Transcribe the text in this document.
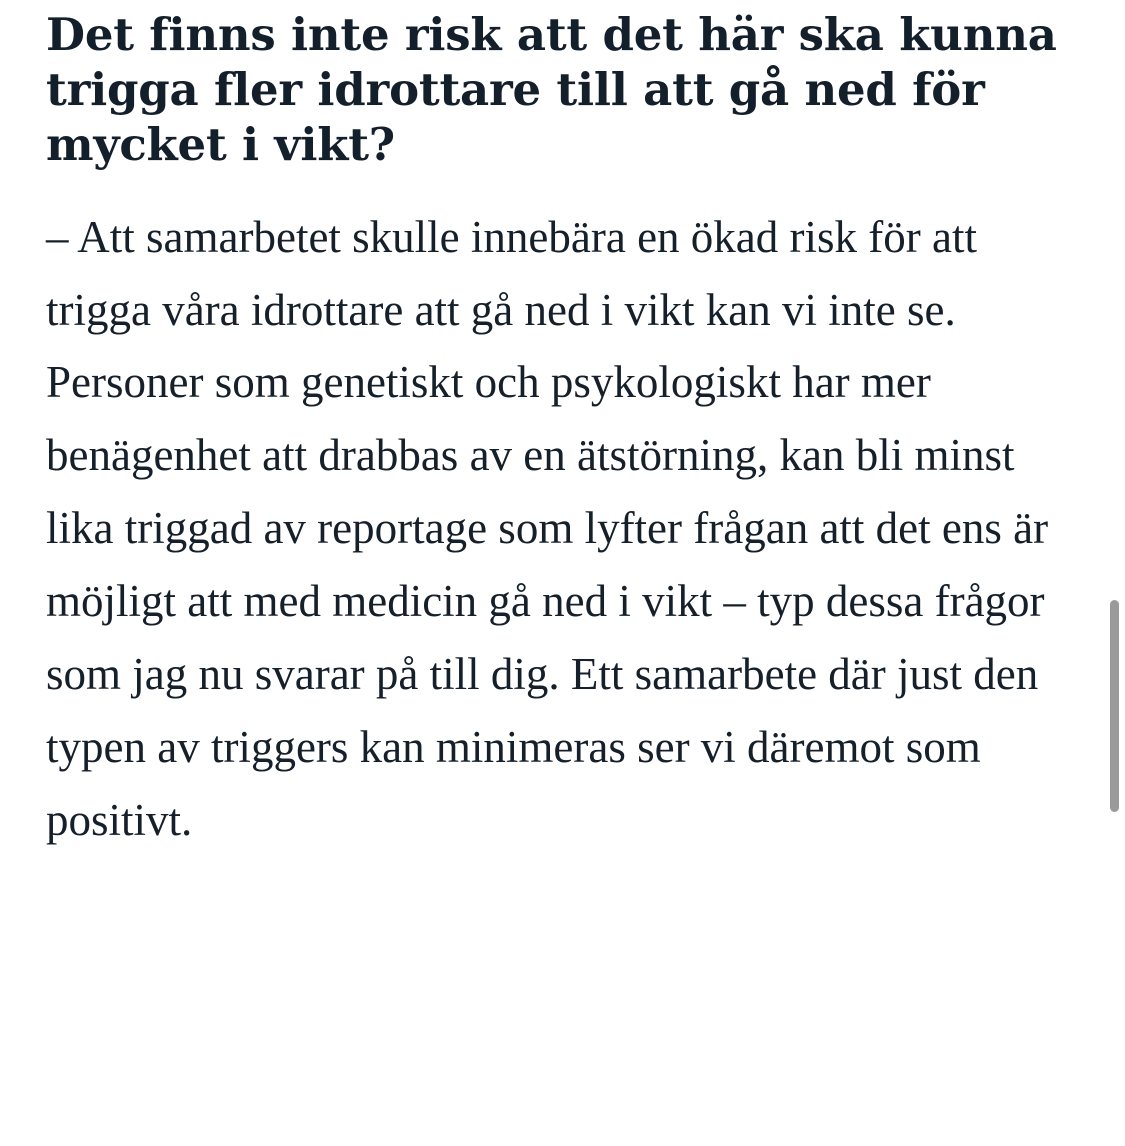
Det finns inte risk att det här ska kunna trigga fler idrottare till att gå ned för mycket i vikt?

– Att samarbetet skulle innebära en ökad risk för att trigga våra idrottare att gå ned i vikt kan vi inte se. Personer som genetiskt och psykologiskt har mer benägenhet att drabbas av en ätstörning, kan bli minst lika triggad av reportage som lyfter frågan att det ens är möjligt att med medicin gå ned i vikt – typ dessa frågor som jag nu svarar på till dig. Ett samarbete där just den typen av triggers kan minimeras ser vi däremot som positivt.
